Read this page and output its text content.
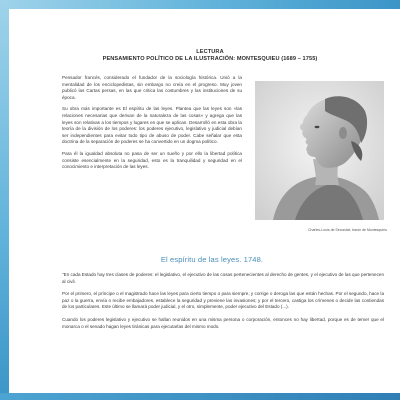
LECTURA
PENSAMIENTO POLÍTICO DE LA ILUSTRACIÓN: MONTESQUIEU (1689 – 1755)

Pensador francés, considerado el fundador de la sociología histórica. Unió a la mentalidad de los enciclopedistas, sin embargo no creía en el progreso. Muy joven publicó las Cartas persas, en las que critica las costumbres y las instituciones de su época.

Su obra más importante es El espíritu de las leyes. Plantea que las leyes son «las relaciones necesarias que derivan de la naturaleza de las cosas» y agrega que las leyes son relativas a los tiempos y lugares en que se aplican. Desarrolló en esta obra la teoría de la división de los poderes: los poderes ejecutivo, legislativo y judicial debían ser independientes para evitar todo tipo de abuso de poder. Cabe señalar que esta doctrina de la separación de poderes se ha convertido en un dogma político.

Para él la igualdad absoluta no pasa de ser un sueño y por ello la libertad política consiste esencialmente en la seguridad, esto es la tranquilidad y seguridad en el conocimiento e interpretación de las leyes.

Charles-Louis de Secondat, barón de Montesquieu
El espíritu de las leyes. 1748.

"En cada Estado hay tres clases de poderes: el legislativo, el ejecutivo de las cosas pertenecientes al derecho de gentes, y el ejecutivo de las que pertenecen al civil.

Por el primero, el príncipe o el magistrado hace las leyes para cierto tiempo o para siempre, y corrige o deroga las que están hechas. Por el segundo, hace la paz o la guerra, envía o recibe embajadores, establece la seguridad y previene las invasiones; y por el tercero, castiga los crímenes o decide las contiendas de los particulares. Este último se llamará poder judicial, y el otro, simplemente, poder ejecutivo del Estado (...).

Cuando los poderes legislativo y ejecutivo se hallan reunidos en una misma persona o corporación, entonces no hay libertad, porque es de temer que el monarca o el senado hagan leyes tiránicas para ejecutarlas del mismo modo.
